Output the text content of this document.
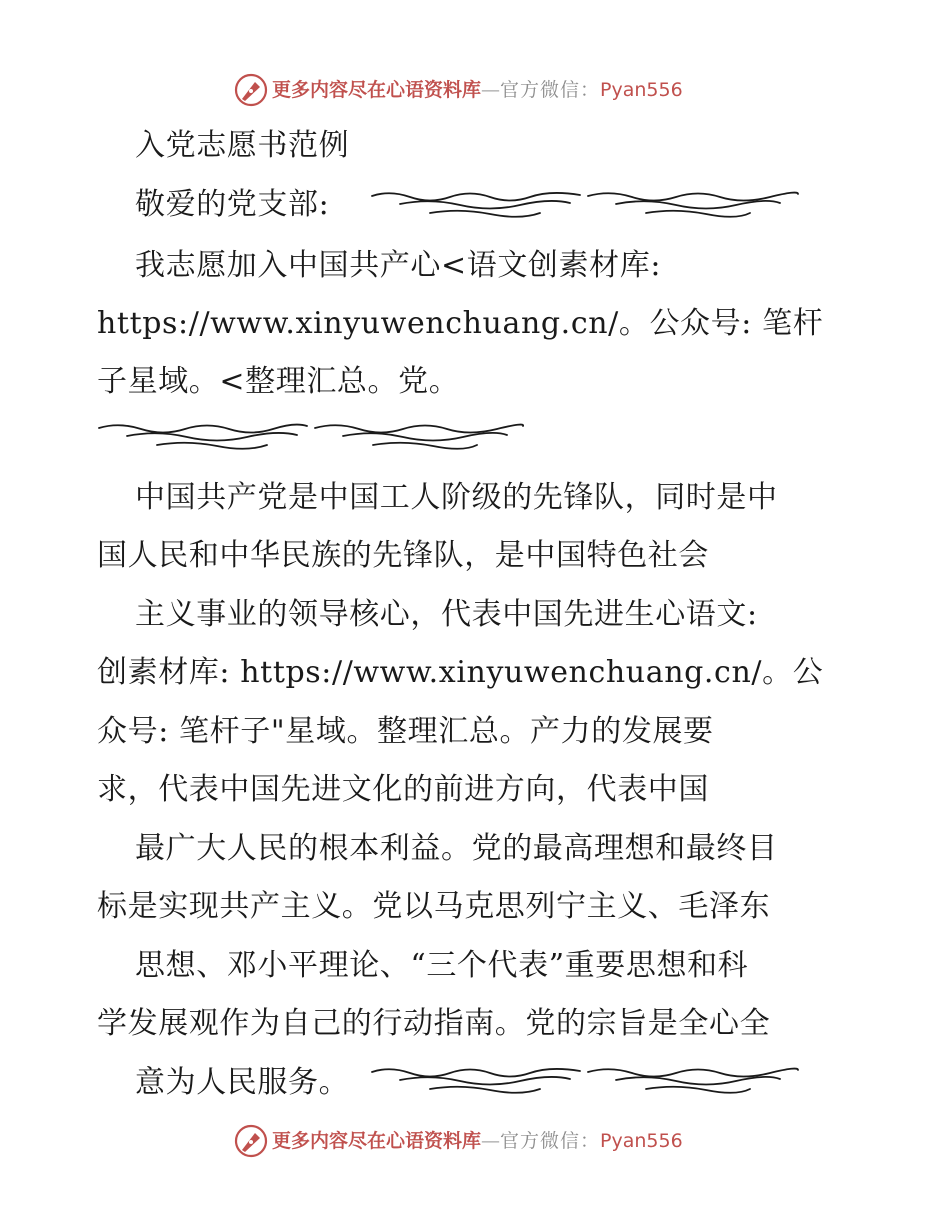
更多内容尽在心语资料库—官方微信：Pyan556

入党志愿书范例

敬爱的党支部:

我志愿加入中国共产心<语文创素材库:

https://www.xinyuwenchuang.cn/。公众号: 笔杆

子星域。<整理汇总。党。

中国共产党是中国工人阶级的先锋队，同时是中

国人民和中华民族的先锋队，是中国特色社会

主义事业的领导核心，代表中国先进生心语文:

创素材库: https://www.xinyuwenchuang.cn/。公

众号: 笔杆子"星域。整理汇总。产力的发展要

求，代表中国先进文化的前进方向，代表中国

最广大人民的根本利益。党的最高理想和最终目

标是实现共产主义。党以马克思列宁主义、毛泽东

思想、邓小平理论、“三个代表”重要思想和科

学发展观作为自己的行动指南。党的宗旨是全心全

意为人民服务。

更多内容尽在心语资料库—官方微信：Pyan556
